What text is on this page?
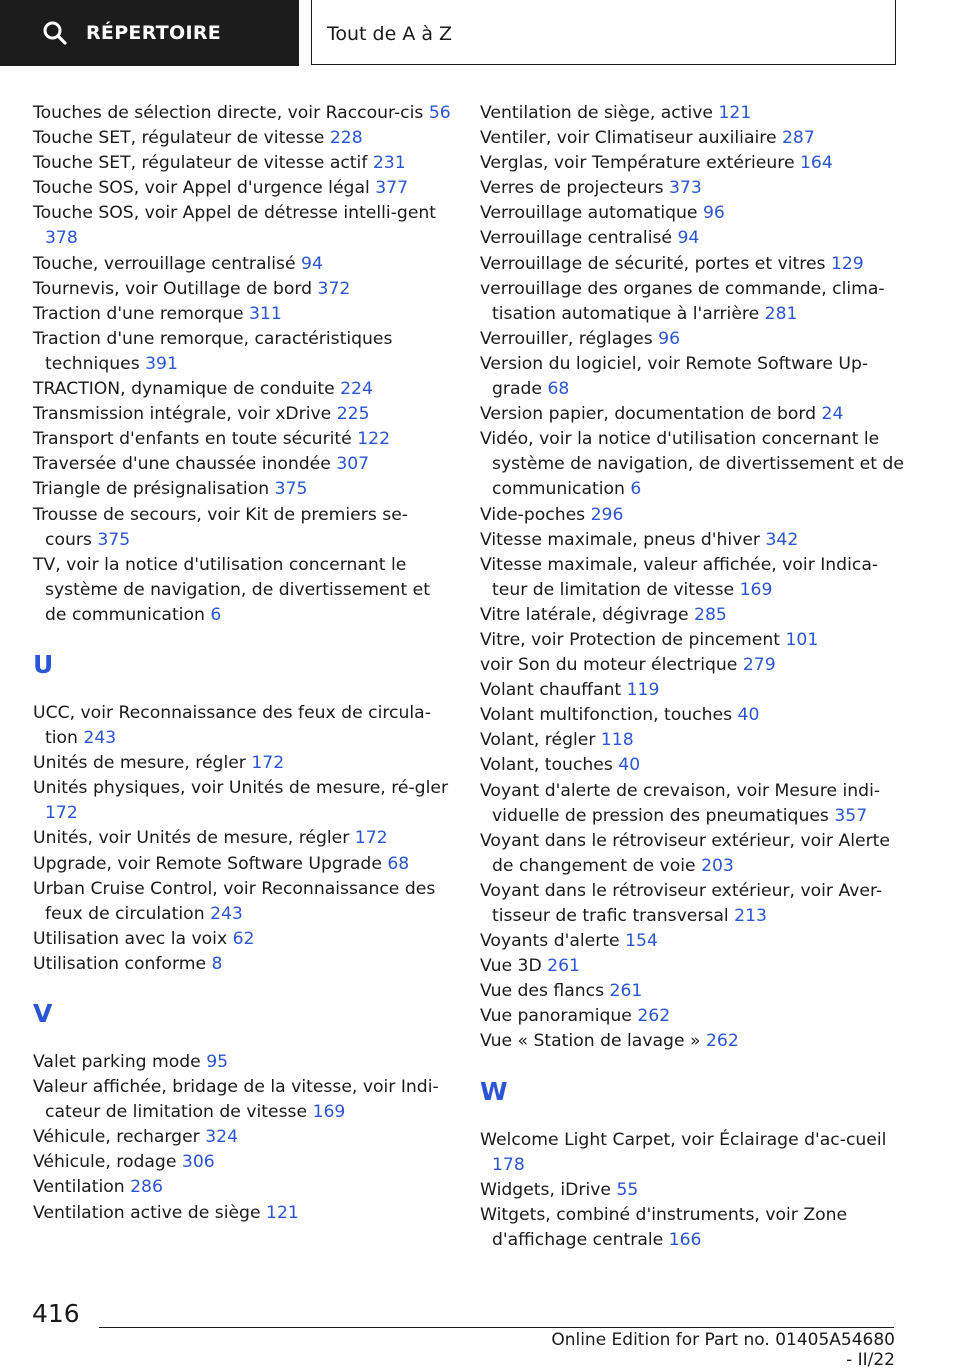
RÉPERTOIRE	Tout de A à Z
Touches de sélection directe, voir Raccour-cis 56
Touche SET, régulateur de vitesse 228
Touche SET, régulateur de vitesse actif 231
Touche SOS, voir Appel d'urgence légal 377
Touche SOS, voir Appel de détresse intelli-gent 378
Touche, verrouillage centralisé 94
Tournevis, voir Outillage de bord 372
Traction d'une remorque 311
Traction d'une remorque, caractéristiques techniques 391
TRACTION, dynamique de conduite 224
Transmission intégrale, voir xDrive 225
Transport d'enfants en toute sécurité 122
Traversée d'une chaussée inondée 307
Triangle de présignalisation 375
Trousse de secours, voir Kit de premiers se-cours 375
TV, voir la notice d'utilisation concernant le système de navigation, de divertissement et de communication 6
U
UCC, voir Reconnaissance des feux de circula-tion 243
Unités de mesure, régler 172
Unités physiques, voir Unités de mesure, ré-gler 172
Unités, voir Unités de mesure, régler 172
Upgrade, voir Remote Software Upgrade 68
Urban Cruise Control, voir Reconnaissance des feux de circulation 243
Utilisation avec la voix 62
Utilisation conforme 8
V
Valet parking mode 95
Valeur affichée, bridage de la vitesse, voir Indi-cateur de limitation de vitesse 169
Véhicule, recharger 324
Véhicule, rodage 306
Ventilation 286
Ventilation active de siège 121
Ventilation de siège, active 121
Ventiler, voir Climatiseur auxiliaire 287
Verglas, voir Température extérieure 164
Verres de projecteurs 373
Verrouillage automatique 96
Verrouillage centralisé 94
Verrouillage de sécurité, portes et vitres 129
verrouillage des organes de commande, clima-tisation automatique à l'arrière 281
Verrouiller, réglages 96
Version du logiciel, voir Remote Software Up-grade 68
Version papier, documentation de bord 24
Vidéo, voir la notice d'utilisation concernant le système de navigation, de divertissement et de communication 6
Vide-poches 296
Vitesse maximale, pneus d'hiver 342
Vitesse maximale, valeur affichée, voir Indica-teur de limitation de vitesse 169
Vitre latérale, dégivrage 285
Vitre, voir Protection de pincement 101
voir Son du moteur électrique 279
Volant chauffant 119
Volant multifonction, touches 40
Volant, régler 118
Volant, touches 40
Voyant d'alerte de crevaison, voir Mesure indi-viduelle de pression des pneumatiques 357
Voyant dans le rétroviseur extérieur, voir Alerte de changement de voie 203
Voyant dans le rétroviseur extérieur, voir Aver-tisseur de trafic transversal 213
Voyants d'alerte 154
Vue 3D 261
Vue des flancs 261
Vue panoramique 262
Vue « Station de lavage » 262
W
Welcome Light Carpet, voir Éclairage d'ac-cueil 178
Widgets, iDrive 55
Witgets, combiné d'instruments, voir Zone d'affichage centrale 166
416
Online Edition for Part no. 01405A54680 - II/22
